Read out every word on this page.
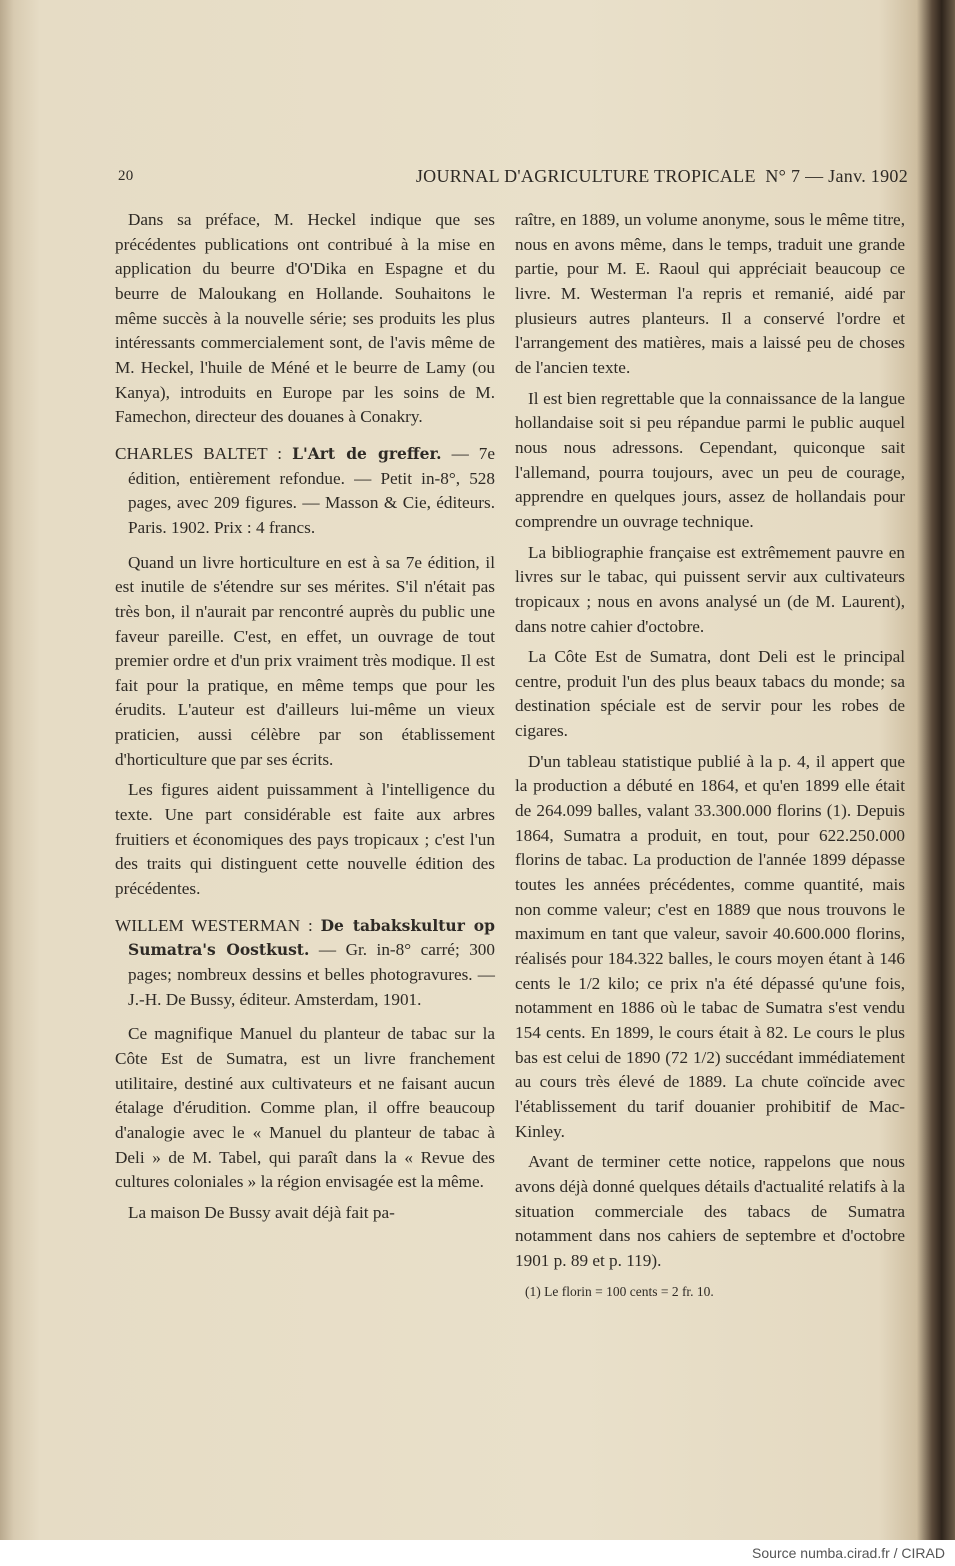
20	JOURNAL D'AGRICULTURE TROPICALE N° 7 — Janv. 1902

Dans sa préface, M. Heckel indique que ses précédentes publications ont contribué à la mise en application du beurre d'O'Dika en Espagne et du beurre de Maloukang en Hollande. Souhaitons le même succès à la nouvelle série; ses produits les plus intéressants commercialement sont, de l'avis même de M. Heckel, l'huile de Méné et le beurre de Lamy (ou Kanya), introduits en Europe par les soins de M. Famechon, directeur des douanes à Conakry.

CHARLES BALTET : L'Art de greffer. — 7e édition, entièrement refondue. — Petit in-8°, 528 pages, avec 209 figures. — Masson & Cie, éditeurs. Paris. 1902. Prix : 4 francs.

Quand un livre horticulture en est à sa 7e édition, il est inutile de s'étendre sur ses mérites. S'il n'était pas très bon, il n'aurait par rencontré auprès du public une faveur pareille. C'est, en effet, un ouvrage de tout premier ordre et d'un prix vraiment très modique. Il est fait pour la pratique, en même temps que pour les érudits. L'auteur est d'ailleurs lui-même un vieux praticien, aussi célèbre par son établissement d'horticulture que par ses écrits.

Les figures aident puissamment à l'intelligence du texte. Une part considérable est faite aux arbres fruitiers et économiques des pays tropicaux ; c'est l'un des traits qui distinguent cette nouvelle édition des précédentes.

WILLEM WESTERMAN : De tabakskultur op Sumatra's Oostkust. — Gr. in-8° carré; 300 pages; nombreux dessins et belles photogravures. — J.-H. De Bussy, éditeur. Amsterdam, 1901.

Ce magnifique Manuel du planteur de tabac sur la Côte Est de Sumatra, est un livre franchement utilitaire, destiné aux cultivateurs et ne faisant aucun étalage d'érudition. Comme plan, il offre beaucoup d'analogie avec le « Manuel du planteur de tabac à Deli » de M. Tabel, qui paraît dans la « Revue des cultures coloniales » la région envisagée est la même.

La maison De Bussy avait déjà fait pa-

raître, en 1889, un volume anonyme, sous le même titre, nous en avons même, dans le temps, traduit une grande partie, pour M. E. Raoul qui appréciait beaucoup ce livre. M. Westerman l'a repris et remanié, aidé par plusieurs autres planteurs. Il a conservé l'ordre et l'arrangement des matières, mais a laissé peu de choses de l'ancien texte.

Il est bien regrettable que la connaissance de la langue hollandaise soit si peu répandue parmi le public auquel nous nous adressons. Cependant, quiconque sait l'allemand, pourra toujours, avec un peu de courage, apprendre en quelques jours, assez de hollandais pour comprendre un ouvrage technique.

La bibliographie française est extrêmement pauvre en livres sur le tabac, qui puissent servir aux cultivateurs tropicaux ; nous en avons analysé un (de M. Laurent), dans notre cahier d'octobre.

La Côte Est de Sumatra, dont Deli est le principal centre, produit l'un des plus beaux tabacs du monde; sa destination spéciale est de servir pour les robes de cigares.

D'un tableau statistique publié à la p. 4, il appert que la production a débuté en 1864, et qu'en 1899 elle était de 264.099 balles, valant 33.300.000 florins (1). Depuis 1864, Sumatra a produit, en tout, pour 622.250.000 florins de tabac. La production de l'année 1899 dépasse toutes les années précédentes, comme quantité, mais non comme valeur; c'est en 1889 que nous trouvons le maximum en tant que valeur, savoir 40.600.000 florins, réalisés pour 184.322 balles, le cours moyen étant à 146 cents le 1/2 kilo; ce prix n'a été dépassé qu'une fois, notamment en 1886 où le tabac de Sumatra s'est vendu 154 cents. En 1899, le cours était à 82. Le cours le plus bas est celui de 1890 (72 1/2) succédant immédiatement au cours très élevé de 1889. La chute coïncide avec l'établissement du tarif douanier prohibitif de Mac-Kinley.

Avant de terminer cette notice, rappelons que nous avons déjà donné quelques détails d'actualité relatifs à la situation commerciale des tabacs de Sumatra notamment dans nos cahiers de septembre et d'octobre 1901 p. 89 et p. 119).

(1) Le florin = 100 cents = 2 fr. 10.

Source numba.cirad.fr / CIRAD
